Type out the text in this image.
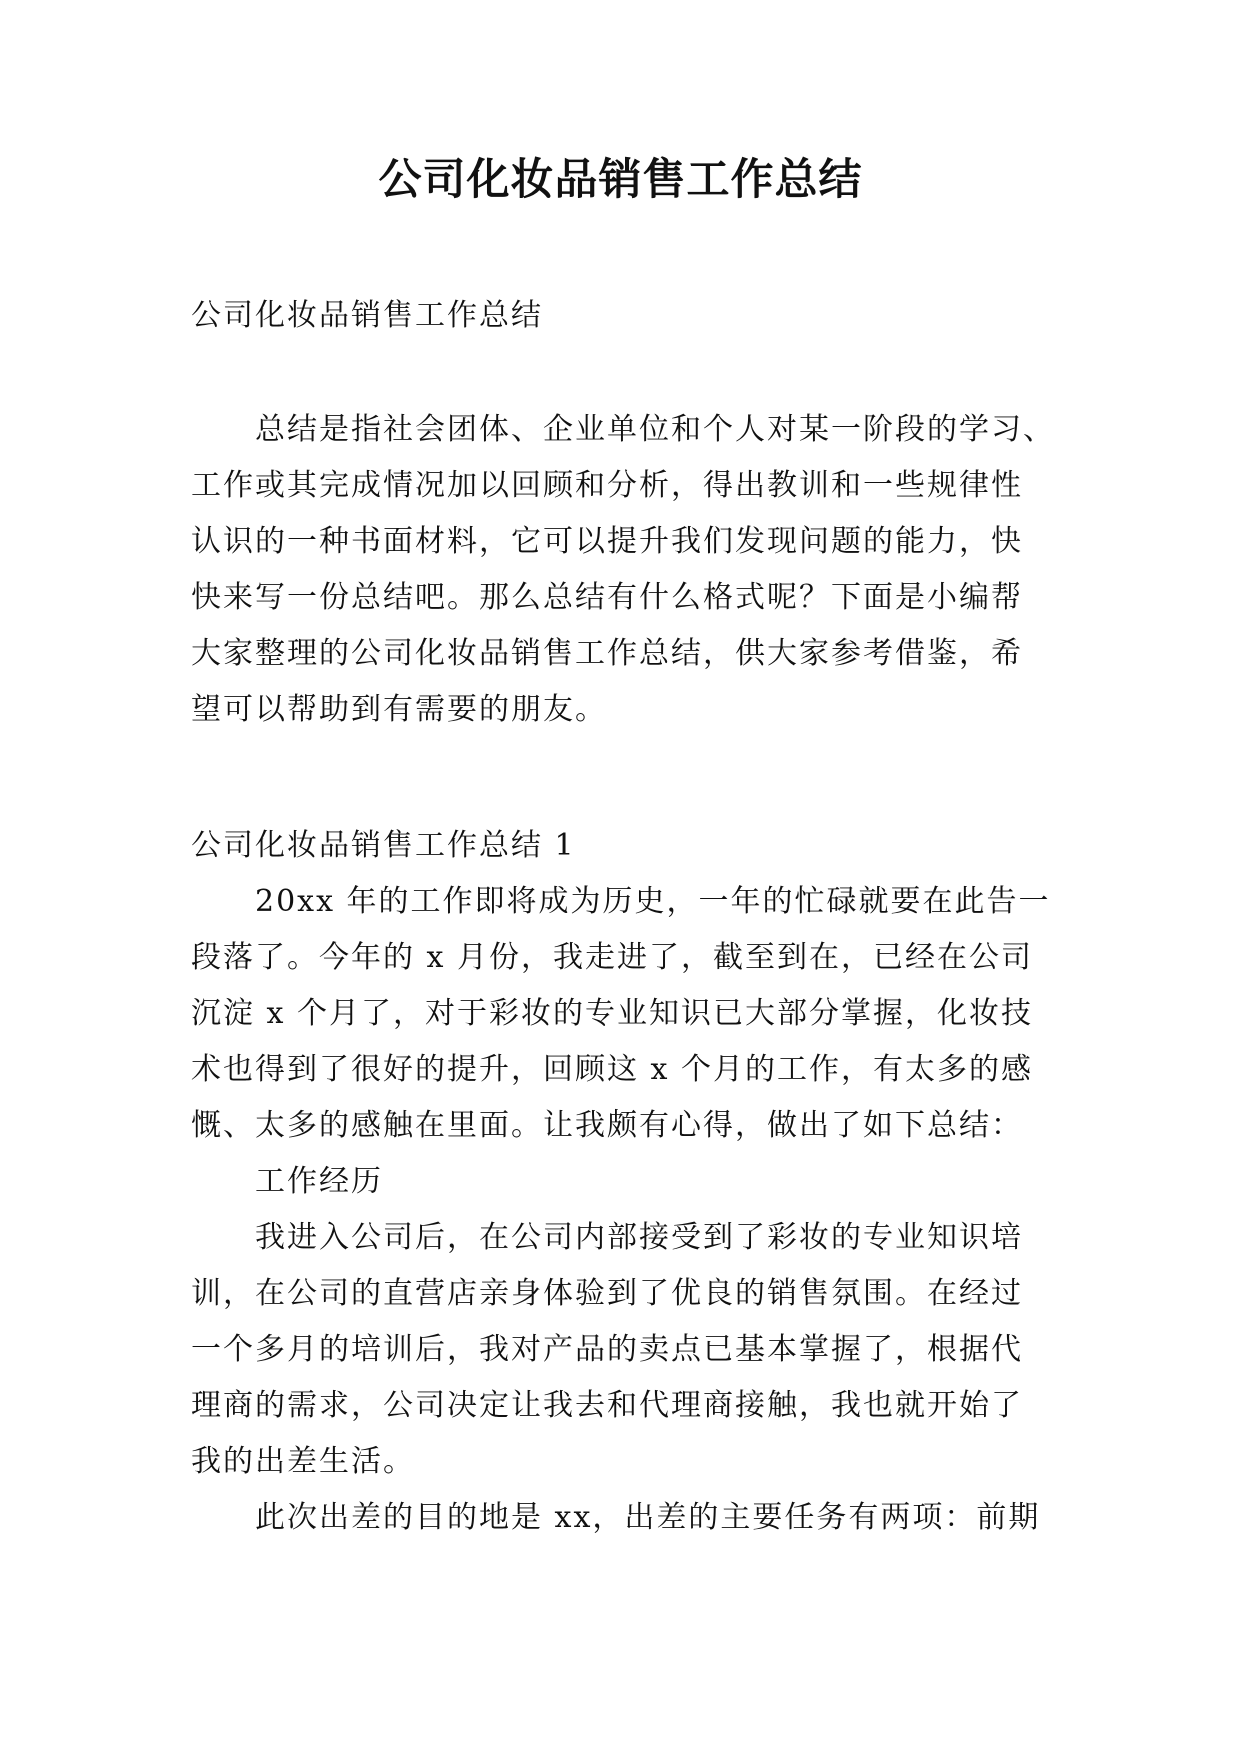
公司化妆品销售工作总结
公司化妆品销售工作总结
总结是指社会团体、企业单位和个人对某一阶段的学习、
工作或其完成情况加以回顾和分析，得出教训和一些规律性
认识的一种书面材料，它可以提升我们发现问题的能力，快
快来写一份总结吧。那么总结有什么格式呢？下面是小编帮
大家整理的公司化妆品销售工作总结，供大家参考借鉴，希
望可以帮助到有需要的朋友。
公司化妆品销售工作总结 1
20xx 年的工作即将成为历史，一年的忙碌就要在此告一
段落了。今年的 x 月份，我走进了，截至到在，已经在公司
沉淀 x 个月了，对于彩妆的专业知识已大部分掌握，化妆技
术也得到了很好的提升，回顾这 x 个月的工作，有太多的感
慨、太多的感触在里面。让我颇有心得，做出了如下总结：
工作经历
我进入公司后，在公司内部接受到了彩妆的专业知识培
训，在公司的直营店亲身体验到了优良的销售氛围。在经过
一个多月的培训后，我对产品的卖点已基本掌握了，根据代
理商的需求，公司决定让我去和代理商接触，我也就开始了
我的出差生活。
此次出差的目的地是 xx，出差的主要任务有两项：前期
